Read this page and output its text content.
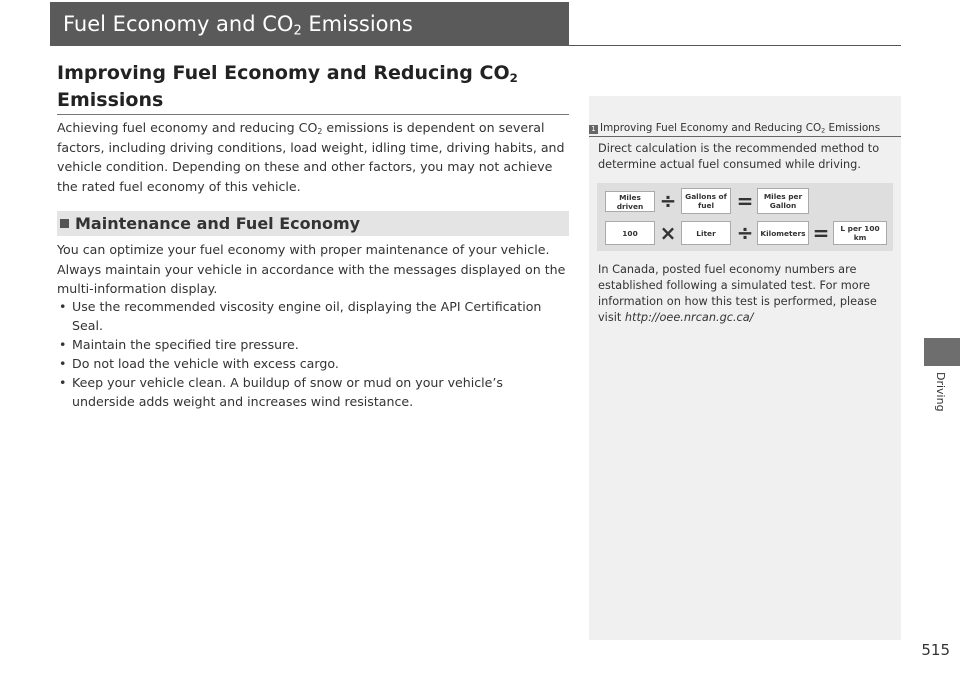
Fuel Economy and $CO_2$ Emissions
Improving Fuel Economy and Reducing $CO_2$
Emissions
Achieving fuel economy and reducing $CO_2$ emissions is dependent on several factors, including driving conditions, load weight, idling time, driving habits, and vehicle condition. Depending on these and other factors, you may not achieve the rated fuel economy of this vehicle.
Maintenance and Fuel Economy
You can optimize your fuel economy with proper maintenance of your vehicle. Always maintain your vehicle in accordance with the messages displayed on the multi-information display.
• Use the recommended viscosity engine oil, displaying the API Certification Seal.
• Maintain the specified tire pressure.
• Do not load the vehicle with excess cargo.
• Keep your vehicle clean. A buildup of snow or mud on your vehicle’s underside adds weight and increases wind resistance.
1 Improving Fuel Economy and Reducing $CO_2$ Emissions
Direct calculation is the recommended method to determine actual fuel consumed while driving.
Miles driven ÷	Gallons of fuel	=	Miles per Gallon
100	×	Liter	÷ Kilometers =	L per 100 km
In Canada, posted fuel economy numbers are established following a simulated test. For more information on how this test is performed, please visit http://oee.nrcan.gc.ca/
Driving
515
